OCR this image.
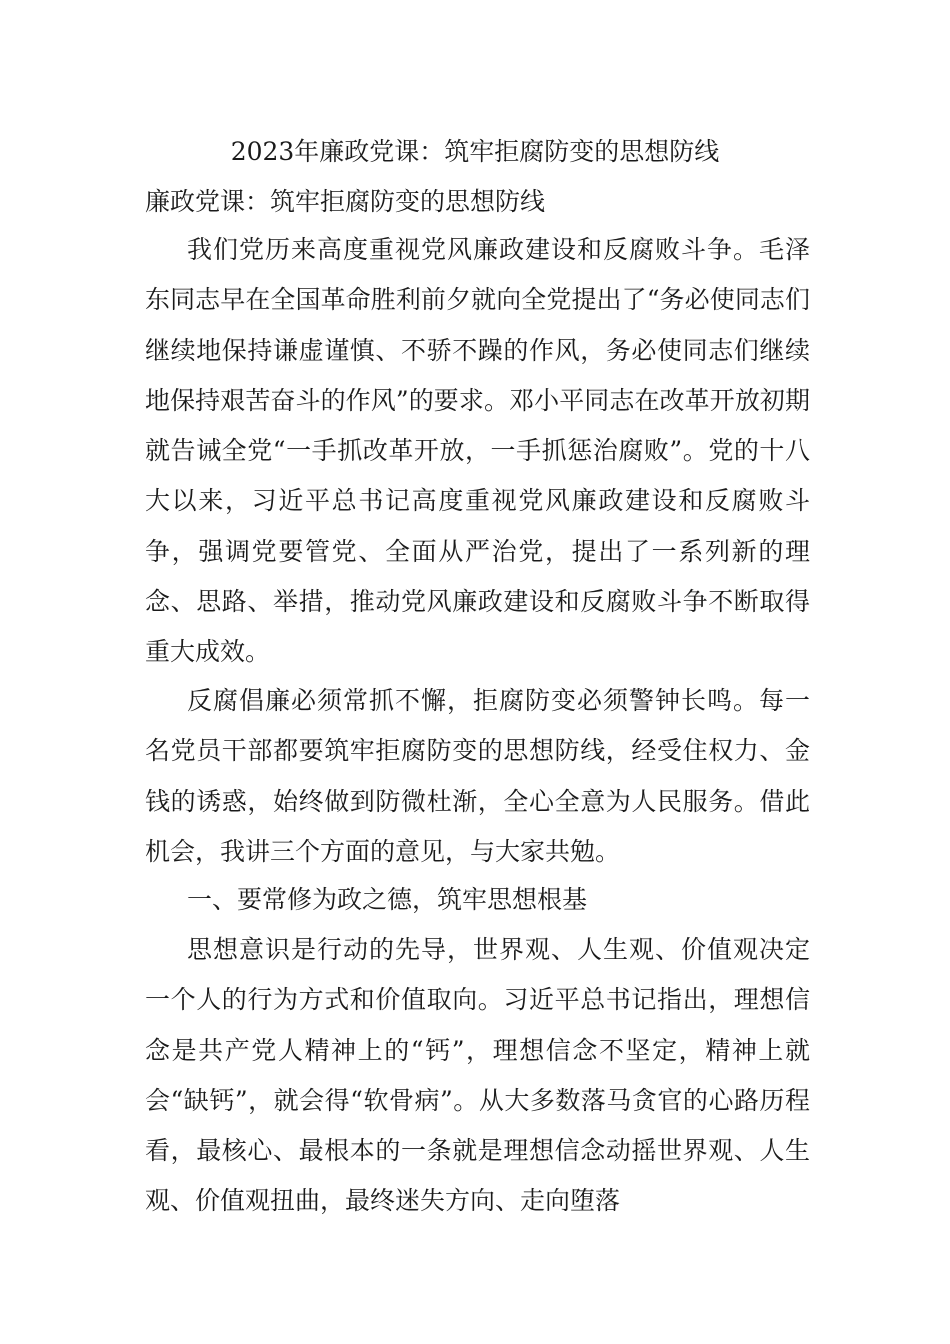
2023年廉政党课：筑牢拒腐防变的思想防线
廉政党课：筑牢拒腐防变的思想防线

我们党历来高度重视党风廉政建设和反腐败斗争。毛泽东同志早在全国革命胜利前夕就向全党提出了“务必使同志们继续地保持谦虚谨慎、不骄不躁的作风，务必使同志们继续地保持艰苦奋斗的作风”的要求。邓小平同志在改革开放初期就告诫全党“一手抓改革开放，一手抓惩治腐败”。党的十八大以来，习近平总书记高度重视党风廉政建设和反腐败斗争，强调党要管党、全面从严治党，提出了一系列新的理念、思路、举措，推动党风廉政建设和反腐败斗争不断取得重大成效。

反腐倡廉必须常抓不懈，拒腐防变必须警钟长鸣。每一名党员干部都要筑牢拒腐防变的思想防线，经受住权力、金钱的诱惑，始终做到防微杜渐，全心全意为人民服务。借此机会，我讲三个方面的意见，与大家共勉。

一、要常修为政之德，筑牢思想根基

思想意识是行动的先导，世界观、人生观、价值观决定一个人的行为方式和价值取向。习近平总书记指出，理想信念是共产党人精神上的“钙”，理想信念不坚定，精神上就会“缺钙”，就会得“软骨病”。从大多数落马贪官的心路历程看，最核心、最根本的一条就是理想信念动摇世界观、人生观、价值观扭曲，最终迷失方向、走向堕落
